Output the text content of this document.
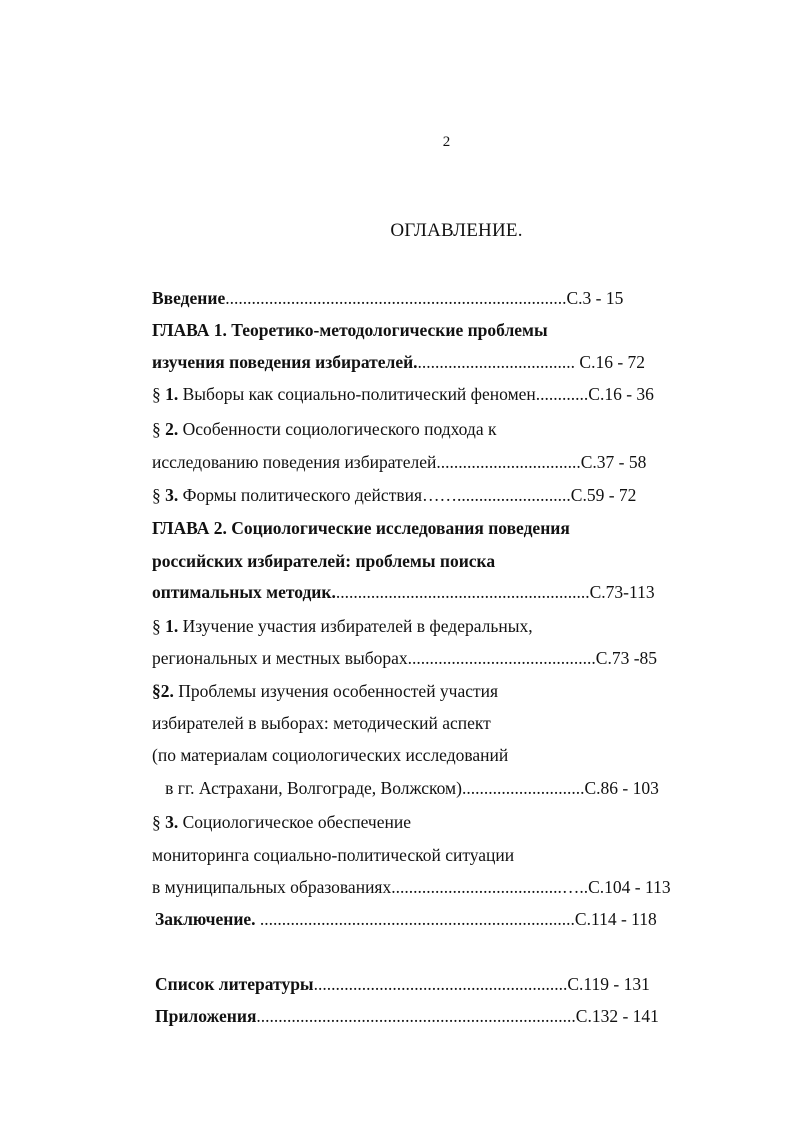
2
ОГЛАВЛЕНИЕ.
Введение..............................................................................С.3 - 15
ГЛАВА 1. Теоретико-методологические проблемы
изучения поведения избирателей..................................... С.16 - 72
§ 1. Выборы как социально-политический феномен............С.16 - 36
§ 2. Особенности социологического подхода к
исследованию поведения избирателей.................................С.37 - 58
§ 3. Формы политического действия……..........................С.59 - 72
ГЛАВА 2. Социологические исследования поведения
российских избирателей: проблемы поиска
оптимальных методик...........................................................С.73-113
§ 1. Изучение участия избирателей в федеральных,
региональных и местных выборах...........................................С.73 -85
§2. Проблемы изучения особенностей участия
избирателей в выборах: методический аспект
(по материалам социологических исследований
в гг. Астрахани, Волгограде, Волжском)............................С.86 - 103
§ 3. Социологическое обеспечение
мониторинга социально-политической ситуации
в муниципальных образованиях.......................................…..С.104 - 113
Заключение. ........................................................................С.114 - 118
Список литературы..........................................................С.119 - 131
Приложения.........................................................................С.132 - 141
